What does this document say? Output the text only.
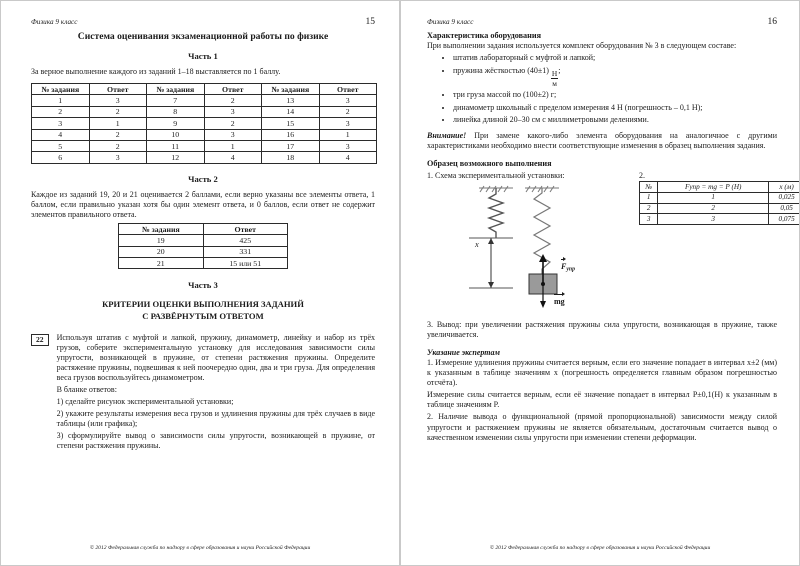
Физика 9 класс	15
Система оценивания экзаменационной работы по физике
Часть 1

За верное выполнение каждого из заданий 1–18 выставляется по 1 баллу.

№ задания	Ответ	№ задания	Ответ	№ задания	Ответ
1	3	7	2	13	3
2	2	8	3	14	2
3	1	9	2	15	3
4	2	10	3	16	1
5	2	11	1	17	3
6	3	12	4	18	4
Часть 2

Каждое из заданий 19, 20 и 21 оценивается 2 баллами, если верно указаны все элементы ответа, 1 баллом, если правильно указан хотя бы один элемент ответа, и 0 баллов, если ответ не содержит элементов правильного ответа.

№ задания	Ответ
19	425
20	331
21	15 или 51
Часть 3
КРИТЕРИИ ОЦЕНКИ ВЫПОЛНЕНИЯ ЗАДАНИЙ
С РАЗВЁРНУТЫМ ОТВЕТОМ
22	Используя штатив с муфтой и лапкой, пружину, динамометр, линейку и набор из трёх грузов, соберите экспериментальную установку для исследования зависимости силы упругости, возникающей в пружине, от степени растяжения пружины. Определите растяжение пружины, подвешивая к ней поочередно один, два и три груза. Для определения веса грузов воспользуйтесь динамометром.

В бланке ответов:

1) сделайте рисунок экспериментальной установки;

2) укажите результаты измерения веса грузов и удлинения пружины для трёх случаев в виде таблицы (или графика);

3) сформулируйте вывод о зависимости силы упругости, возникающей в пружине, от степени растяжения пружины.

© 2012 Федеральная служба по надзору в сфере образования и науки Российской Федерации
Физика 9 класс	16
Характеристика оборудования

При выполнении задания используется комплект оборудования № 3 в следующем составе:

• штатив лабораторный с муфтой и лапкой;
• пружина жёсткостью $(40\pm 1) \frac{Н}{м}$ ;
• три груза массой по (100±2) г;
• динамометр школьный с пределом измерения 4 Н (погрешность – 0,1 Н);
• линейка длиной 20–30 см с миллиметровыми делениями.

Внимание! При замене какого-либо элемента оборудования на аналогичное с другими характеристиками необходимо внести соответствующие изменения в образец выполнения задания.

Образец возможного выполнения
1. Схема экспериментальной установки:
x
$F_{упр}$
mg
2.
№	Fупр = mg = P (Н)	x (м)
1	1	0,025
2	2	0,05
3	3	0,075

3. Вывод: при увеличении растяжения пружины сила упругости, возникающая в пружине, также увеличивается.

Указание экспертам

1. Измерение удлинения пружины считается верным, если его значение попадает в интервал x±2 (мм) к указанным в таблице значениям x (погрешность определяется главным образом погрешностью отсчёта).

Измерение силы считается верным, если её значение попадает в интервал P±0,1(Н) к указанным в таблице значениям P.

2. Наличие вывода о функциональной (прямой пропорциональной) зависимости между силой упругости и растяжением пружины не является обязательным, достаточным считается вывод о качественном изменении силы упругости при изменении степени деформации.

© 2012 Федеральная служба по надзору в сфере образования и науки Российской Федерации
